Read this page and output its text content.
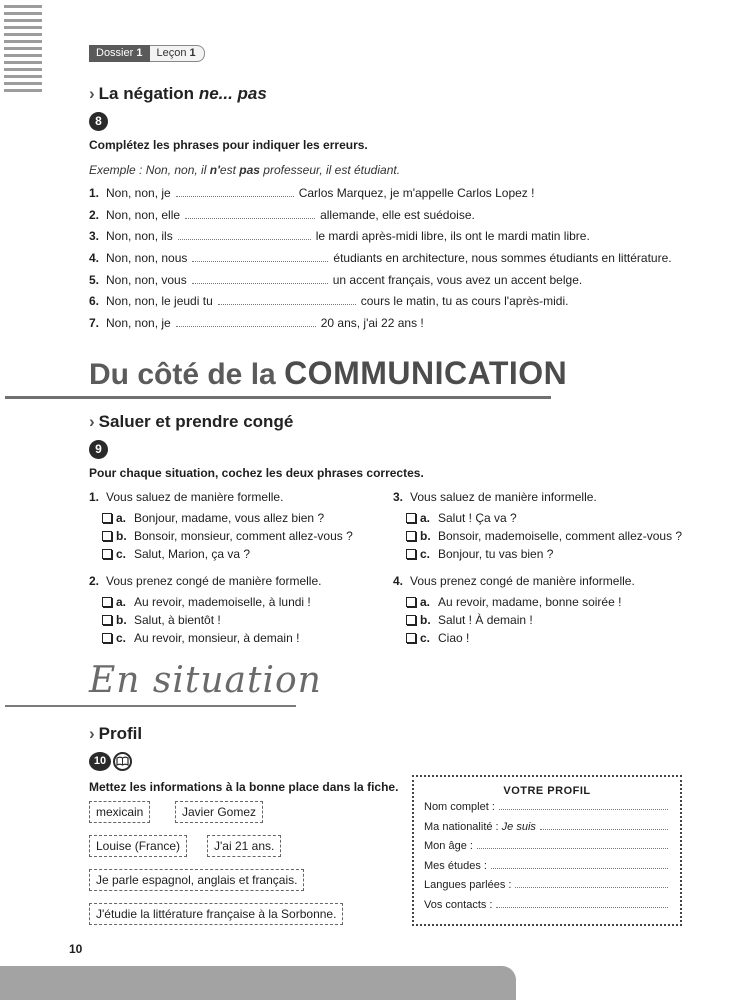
Dossier 1	Leçon 1
› La négation ne... pas
8
Complétez les phrases pour indiquer les erreurs.
Exemple : Non, non, il n'est pas professeur, il est étudiant.
1. Non, non, je	Carlos Marquez, je m'appelle Carlos Lopez !
2. Non, non, elle	allemande, elle est suédoise.
3. Non, non, ils	le mardi après-midi libre, ils ont le mardi matin libre.
4. Non, non, nous	étudiants en architecture, nous sommes étudiants en littérature.
5. Non, non, vous	un accent français, vous avez un accent belge.
6. Non, non, le jeudi tu	cours le matin, tu as cours l'après-midi.
7. Non, non, je	20 ans, j'ai 22 ans !
Du côté de la COMMUNICATION
› Saluer et prendre congé
9
Pour chaque situation, cochez les deux phrases correctes.
1. Vous saluez de manière formelle.
a. Bonjour, madame, vous allez bien ?
b. Bonsoir, monsieur, comment allez-vous ?
c. Salut, Marion, ça va ?
2. Vous prenez congé de manière formelle.
a. Au revoir, mademoiselle, à lundi !
b. Salut, à bientôt !
c. Au revoir, monsieur, à demain !
3. Vous saluez de manière informelle.
a. Salut ! Ça va ?
b. Bonsoir, mademoiselle, comment allez-vous ?
c. Bonjour, tu vas bien ?
4. Vous prenez congé de manière informelle.
a. Au revoir, madame, bonne soirée !
b. Salut ! À demain !
c. Ciao !
En situation
› Profil
10
Mettez les informations à la bonne place dans la fiche.
mexicain	Javier Gomez
Louise (France)	J'ai 21 ans.
Je parle espagnol, anglais et français.
J'étudie la littérature française à la Sorbonne.
VOTRE PROFIL
Nom complet :
Ma nationalité :
Je suis
Mon âge :
Mes études :
Langues parlées :
Vos contacts :
10
